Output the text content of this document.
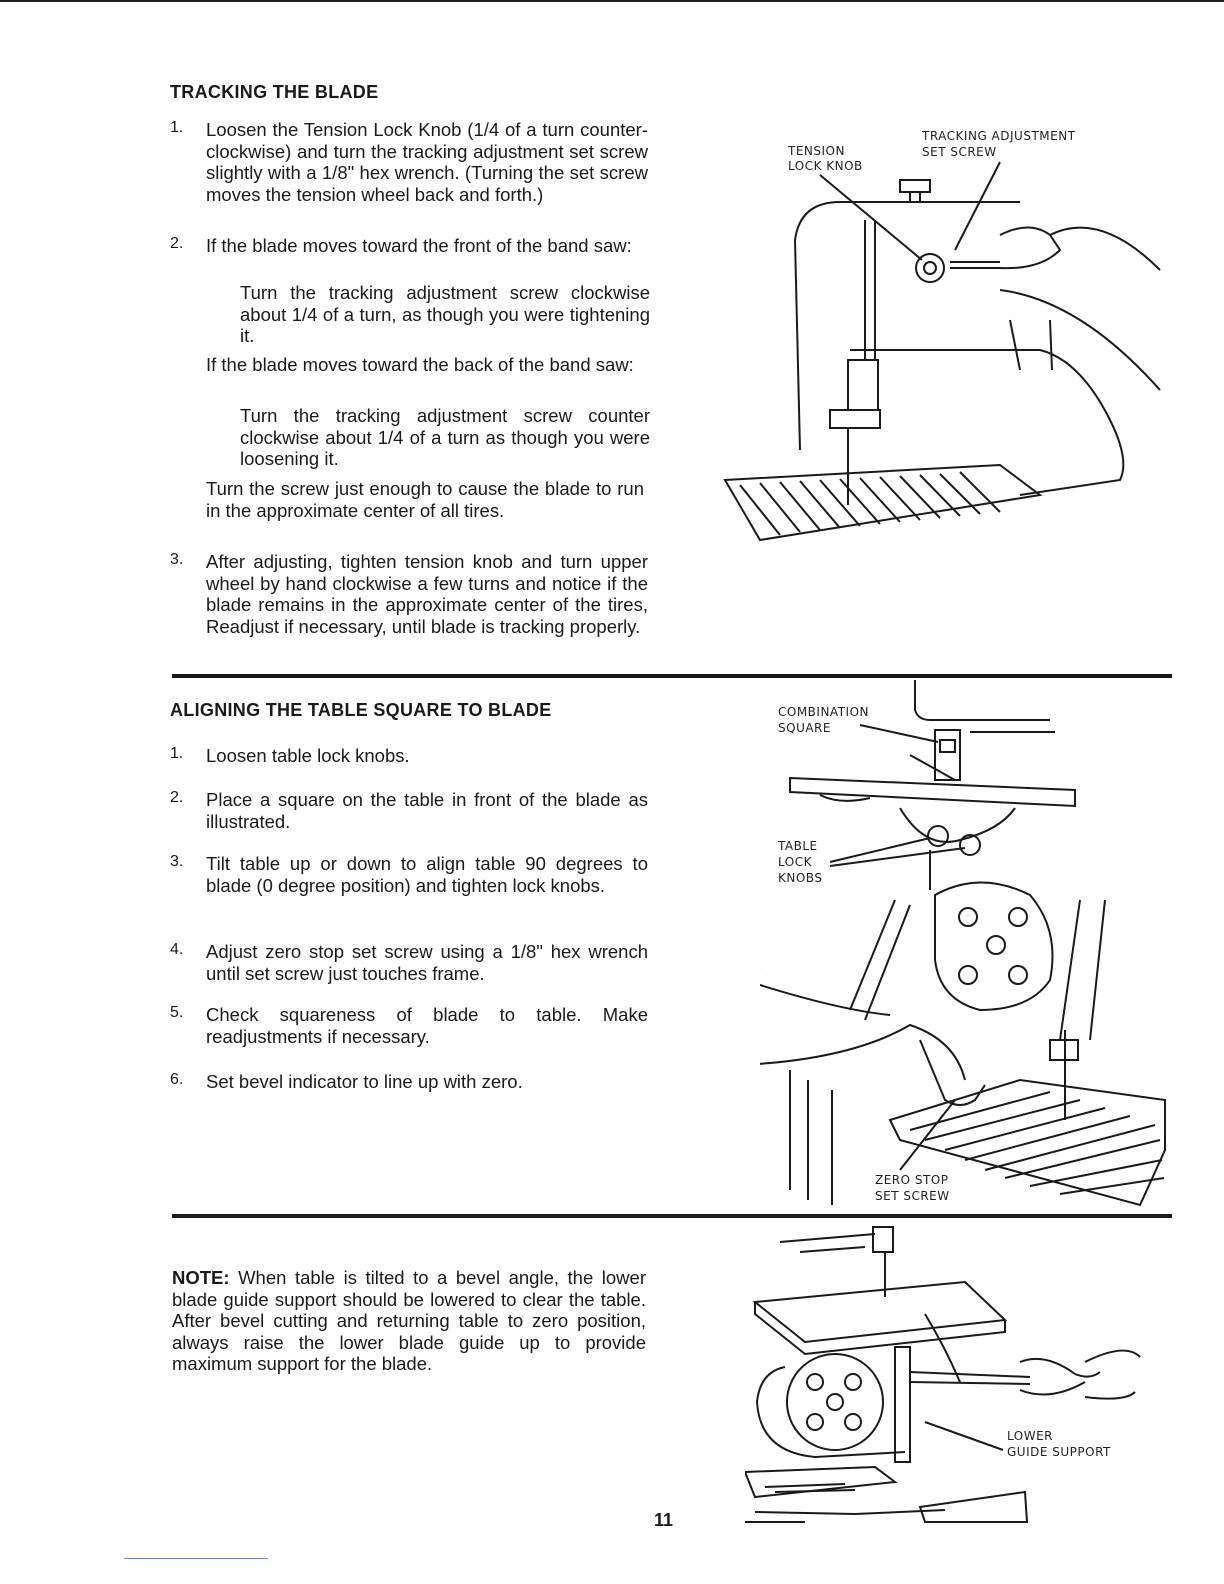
TRACKING THE BLADE
1.	Loosen the Tension Lock Knob (1/4 of a turn counter-clockwise) and turn the tracking adjustment set screw slightly with a 1/8" hex wrench. (Turning the set screw moves the tension wheel back and forth.)
2.	If the blade moves toward the front of the band saw:
Turn the tracking adjustment screw clockwise about 1/4 of a turn, as though you were tightening it.
If the blade moves toward the back of the band saw:
Turn the tracking adjustment screw counter clockwise about 1/4 of a turn as though you were loosening it.
Turn the screw just enough to cause the blade to run in the approximate center of all tires.
3.	After adjusting, tighten tension knob and turn upper wheel by hand clockwise a few turns and notice if the blade remains in the approximate center of the tires, Readjust if necessary, until blade is tracking properly.
TENSION
LOCK KNOB
TRACKING ADJUSTMENT
SET SCREW
ALIGNING THE TABLE SQUARE TO BLADE
1.	Loosen table lock knobs.
2.	Place a square on the table in front of the blade as illustrated.
3.	Tilt table up or down to align table 90 degrees to blade (0 degree position) and tighten lock knobs.
4.	Adjust zero stop set screw using a 1/8" hex wrench until set screw just touches frame.
5.	Check squareness of blade to table. Make readjustments if necessary.
6.	Set bevel indicator to line up with zero.
COMBINATION
SQUARE
TABLE
LOCK
KNOBS
ZERO STOP
SET SCREW
NOTE: When table is tilted to a bevel angle, the lower blade guide support should be lowered to clear the table. After bevel cutting and returning table to zero position, always raise the lower blade guide up to provide maximum support for the blade.
LOWER
GUIDE SUPPORT
11
